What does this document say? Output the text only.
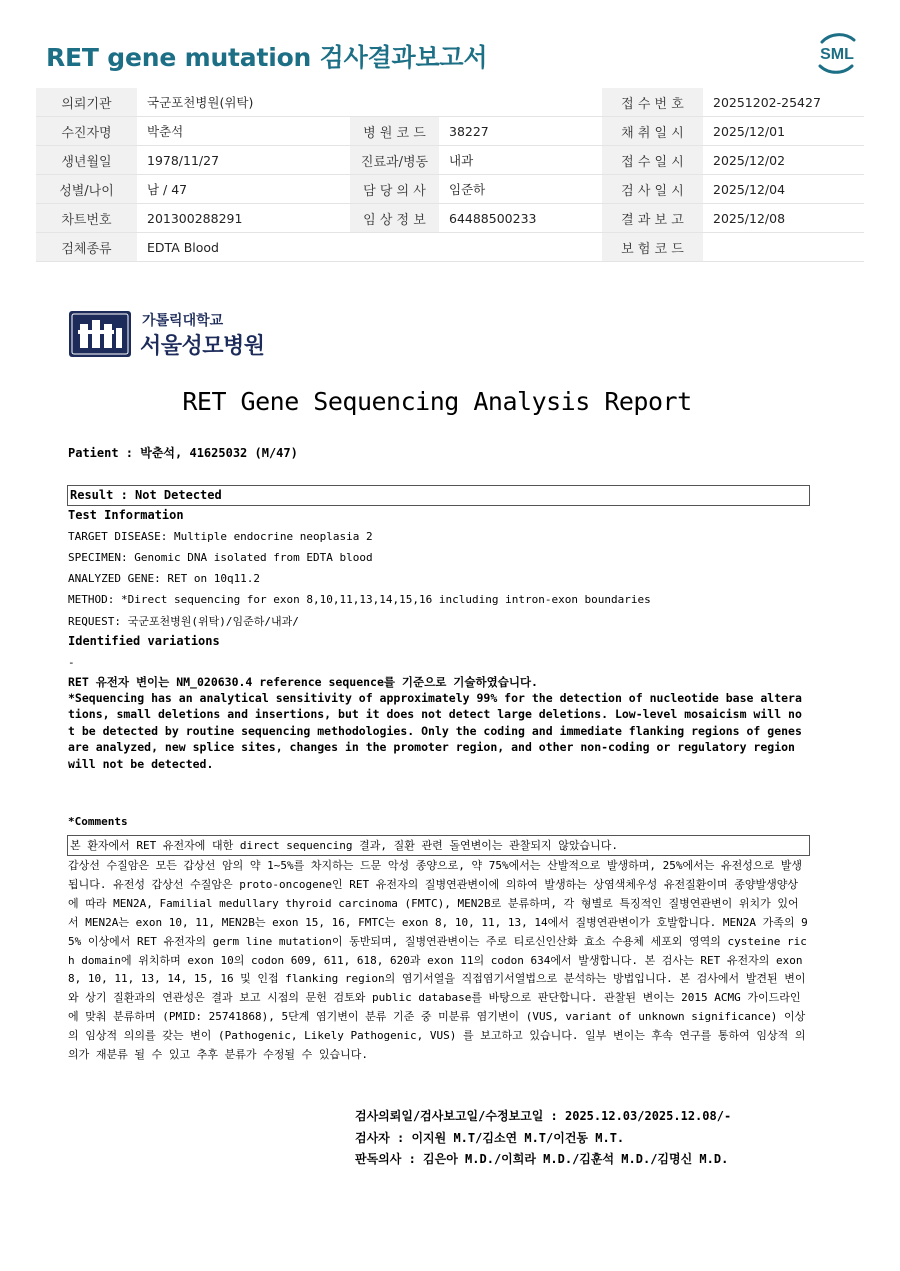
RET gene mutation 검사결과보고서	SML
의뢰기관	국군포천병원(위탁)			접 수 번 호	20251202-25427
수진자명	박춘석	병 원 코 드	38227	채 취 일 시	2025/12/01
생년월일	1978/11/27	진료과/병동	내과	접 수 일 시	2025/12/02
성별/나이	남 / 47	담 당 의 사	임준하	검 사 일 시	2025/12/04
차트번호	201300288291	임 상 정 보	64488500233	결 과 보 고	2025/12/08
검체종류	EDTA Blood			보 험 코 드	
가톨릭대학교
서울성모병원
RET Gene Sequencing Analysis Report
Patient : 박춘석, 41625032 (M/47)
Result : Not Detected
Test Information
TARGET DISEASE: Multiple endocrine neoplasia 2
SPECIMEN: Genomic DNA isolated from EDTA blood
ANALYZED GENE: RET on 10q11.2
METHOD: *Direct sequencing for exon 8,10,11,13,14,15,16 including intron-exon boundaries
REQUEST: 국군포천병원(위탁)/임준하/내과/
Identified variations
-
RET 유전자 변이는 NM_020630.4 reference sequence를 기준으로 기술하였습니다.
*Sequencing has an analytical sensitivity of approximately 99% for the detection of nucleotide base alterations, small deletions and insertions, but it does not detect large deletions. Low-level mosaicism will not be detected by routine sequencing methodologies. Only the coding and immediate flanking regions of genes are analyzed, new splice sites, changes in the promoter region, and other non-coding or regulatory region will not be detected.
*Comments
본 환자에서 RET 유전자에 대한 direct sequencing 결과, 질환 관련 돌연변이는 관찰되지 않았습니다.
갑상선 수질암은 모든 갑상선 암의 약 1~5%를 차지하는 드문 악성 종양으로, 약 75%에서는 산발적으로 발생하며, 25%에서는 유전성으로 발생됩니다. 유전성 갑상선 수질암은 proto-oncogene인 RET 유전자의 질병연관변이에 의하여 발생하는 상염색체우성 유전질환이며 종양발생양상에 따라 MEN2A, Familial medullary thyroid carcinoma (FMTC), MEN2B로 분류하며, 각 형별로 특징적인 질병연관변이 위치가 있어서 MEN2A는 exon 10, 11, MEN2B는 exon 15, 16, FMTC는 exon 8, 10, 11, 13, 14에서 질병연관변이가 호발합니다. MEN2A 가족의 95% 이상에서 RET 유전자의 germ line mutation이 동반되며, 질병연관변이는 주로 티로신인산화 효소 수용체 세포외 영역의 cysteine rich domain에 위치하며 exon 10의 codon 609, 611, 618, 620과 exon 11의 codon 634에서 발생합니다. 본 검사는 RET 유전자의 exon 8, 10, 11, 13, 14, 15, 16 및 인접 flanking region의 염기서열을 직접염기서열법으로 분석하는 방법입니다. 본 검사에서 발견된 변이와 상기 질환과의 연관성은 결과 보고 시점의 문헌 검토와 public database를 바탕으로 판단합니다. 관찰된 변이는 2015 ACMG 가이드라인에 맞춰 분류하며 (PMID: 25741868), 5단계 염기변이 분류 기준 중 미분류 염기변이 (VUS, variant of unknown significance) 이상의 임상적 의의를 갖는 변이 (Pathogenic, Likely Pathogenic, VUS) 를 보고하고 있습니다. 일부 변이는 후속 연구를 통하여 임상적 의의가 재분류 될 수 있고 추후 분류가 수정될 수 있습니다.
검사의뢰일/검사보고일/수정보고일 : 2025.12.03/2025.12.08/-
검사자 : 이지원 M.T/김소연 M.T/이건동 M.T.
판독의사 : 김은아 M.D./이희라 M.D./김훈석 M.D./김명신 M.D.
